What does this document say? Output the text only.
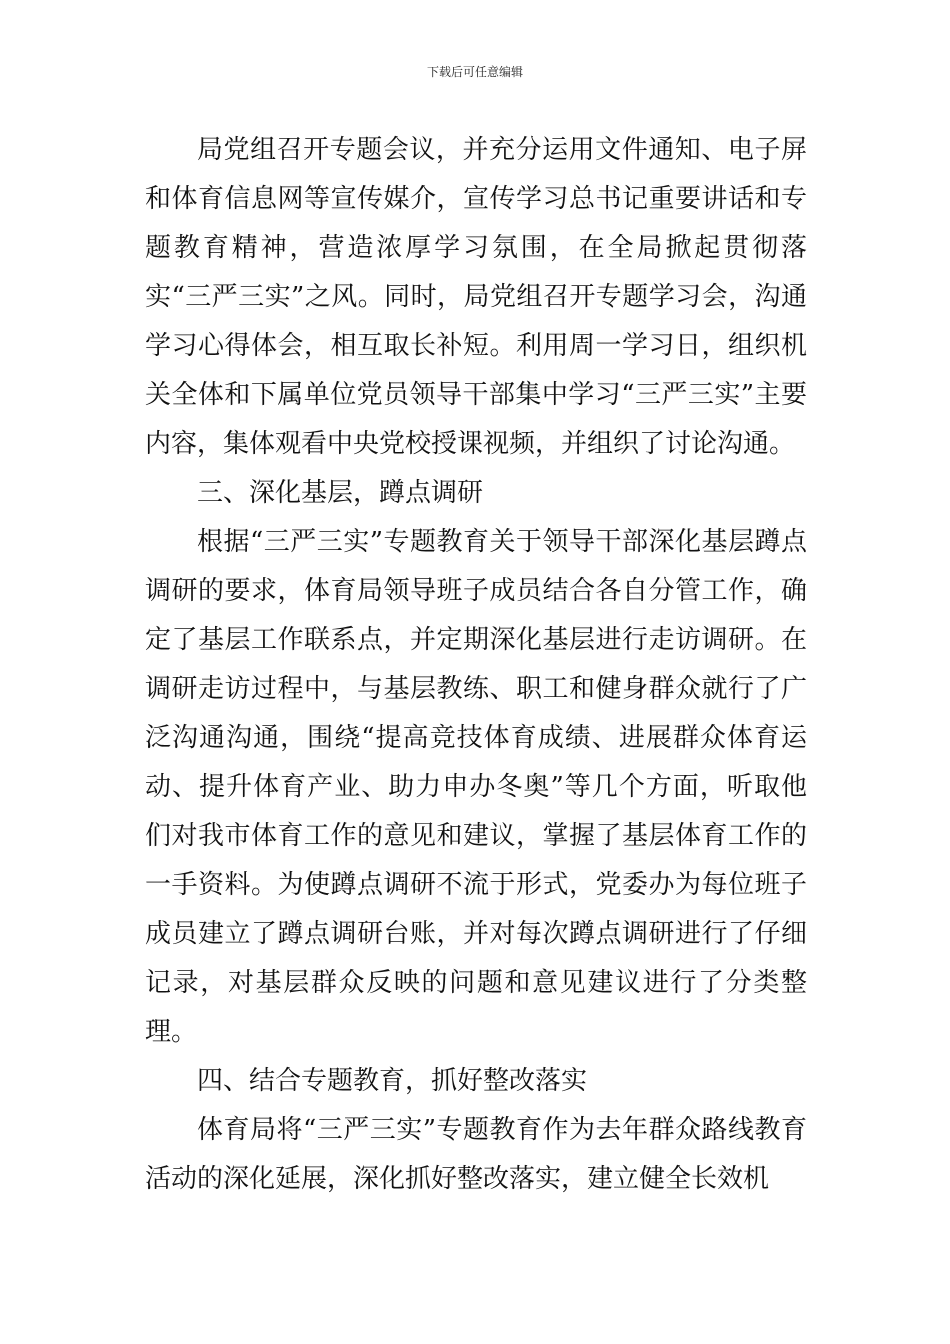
下载后可任意编辑

局党组召开专题会议，并充分运用文件通知、电子屏和体育信息网等宣传媒介，宣传学习总书记重要讲话和专题教育精神，营造浓厚学习氛围，在全局掀起贯彻落实“三严三实”之风。同时，局党组召开专题学习会，沟通学习心得体会，相互取长补短。利用周一学习日，组织机关全体和下属单位党员领导干部集中学习“三严三实”主要内容，集体观看中央党校授课视频，并组织了讨论沟通。

三、深化基层，蹲点调研

根据“三严三实”专题教育关于领导干部深化基层蹲点调研的要求，体育局领导班子成员结合各自分管工作，确定了基层工作联系点，并定期深化基层进行走访调研。在调研走访过程中，与基层教练、职工和健身群众就行了广泛沟通沟通，围绕“提高竞技体育成绩、进展群众体育运动、提升体育产业、助力申办冬奥”等几个方面，听取他们对我市体育工作的意见和建议，掌握了基层体育工作的一手资料。为使蹲点调研不流于形式，党委办为每位班子成员建立了蹲点调研台账，并对每次蹲点调研进行了仔细记录，对基层群众反映的问题和意见建议进行了分类整理。

四、结合专题教育，抓好整改落实

体育局将“三严三实”专题教育作为去年群众路线教育活动的深化延展，深化抓好整改落实，建立健全长效机
